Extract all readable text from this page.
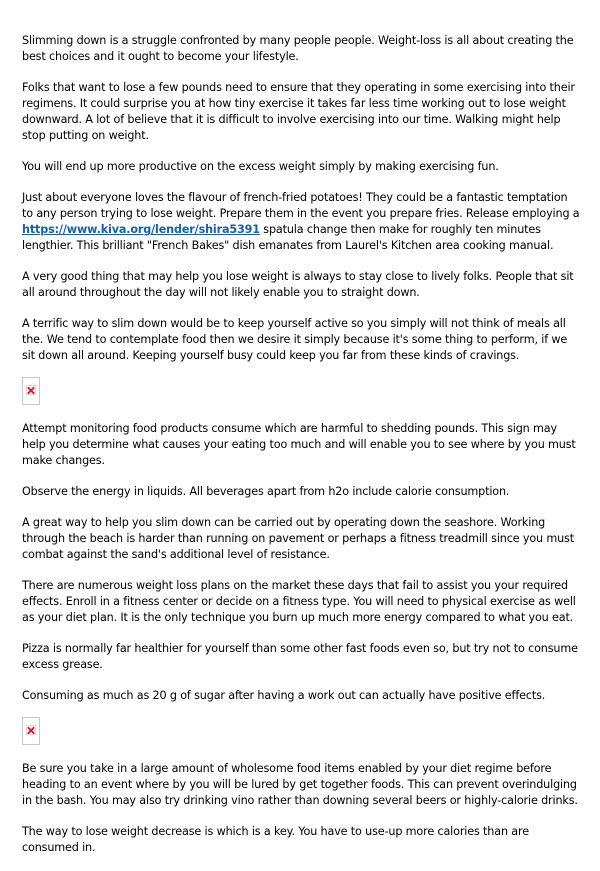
Slimming down is a struggle confronted by many people people. Weight-loss is all about creating the best choices and it ought to become your lifestyle.

Folks that want to lose a few pounds need to ensure that they operating in some exercising into their regimens. It could surprise you at how tiny exercise it takes far less time working out to lose weight downward. A lot of believe that it is difficult to involve exercising into our time. Walking might help stop putting on weight.

You will end up more productive on the excess weight simply by making exercising fun.

Just about everyone loves the flavour of french-fried potatoes! They could be a fantastic temptation to any person trying to lose weight. Prepare them in the event you prepare fries. Release employing a https://www.kiva.org/lender/shira5391 spatula change then make for roughly ten minutes lengthier. This brilliant "French Bakes" dish emanates from Laurel's Kitchen area cooking manual.

A very good thing that may help you lose weight is always to stay close to lively folks. People that sit all around throughout the day will not likely enable you to straight down.

A terrific way to slim down would be to keep yourself active so you simply will not think of meals all the. We tend to contemplate food then we desire it simply because it's some thing to perform, if we sit down all around. Keeping yourself busy could keep you far from these kinds of cravings.

Attempt monitoring food products consume which are harmful to shedding pounds. This sign may help you determine what causes your eating too much and will enable you to see where by you must make changes.

Observe the energy in liquids. All beverages apart from h2o include calorie consumption.

A great way to help you slim down can be carried out by operating down the seashore. Working through the beach is harder than running on pavement or perhaps a fitness treadmill since you must combat against the sand's additional level of resistance.

There are numerous weight loss plans on the market these days that fail to assist you your required effects. Enroll in a fitness center or decide on a fitness type. You will need to physical exercise as well as your diet plan. It is the only technique you burn up much more energy compared to what you eat.

Pizza is normally far healthier for yourself than some other fast foods even so, but try not to consume excess grease.

Consuming as much as 20 g of sugar after having a work out can actually have positive effects.

Be sure you take in a large amount of wholesome food items enabled by your diet regime before heading to an event where by you will be lured by get together foods. This can prevent overindulging in the bash. You may also try drinking vino rather than downing several beers or highly-calorie drinks.

The way to lose weight decrease is which is a key. You have to use-up more calories than are consumed in.
